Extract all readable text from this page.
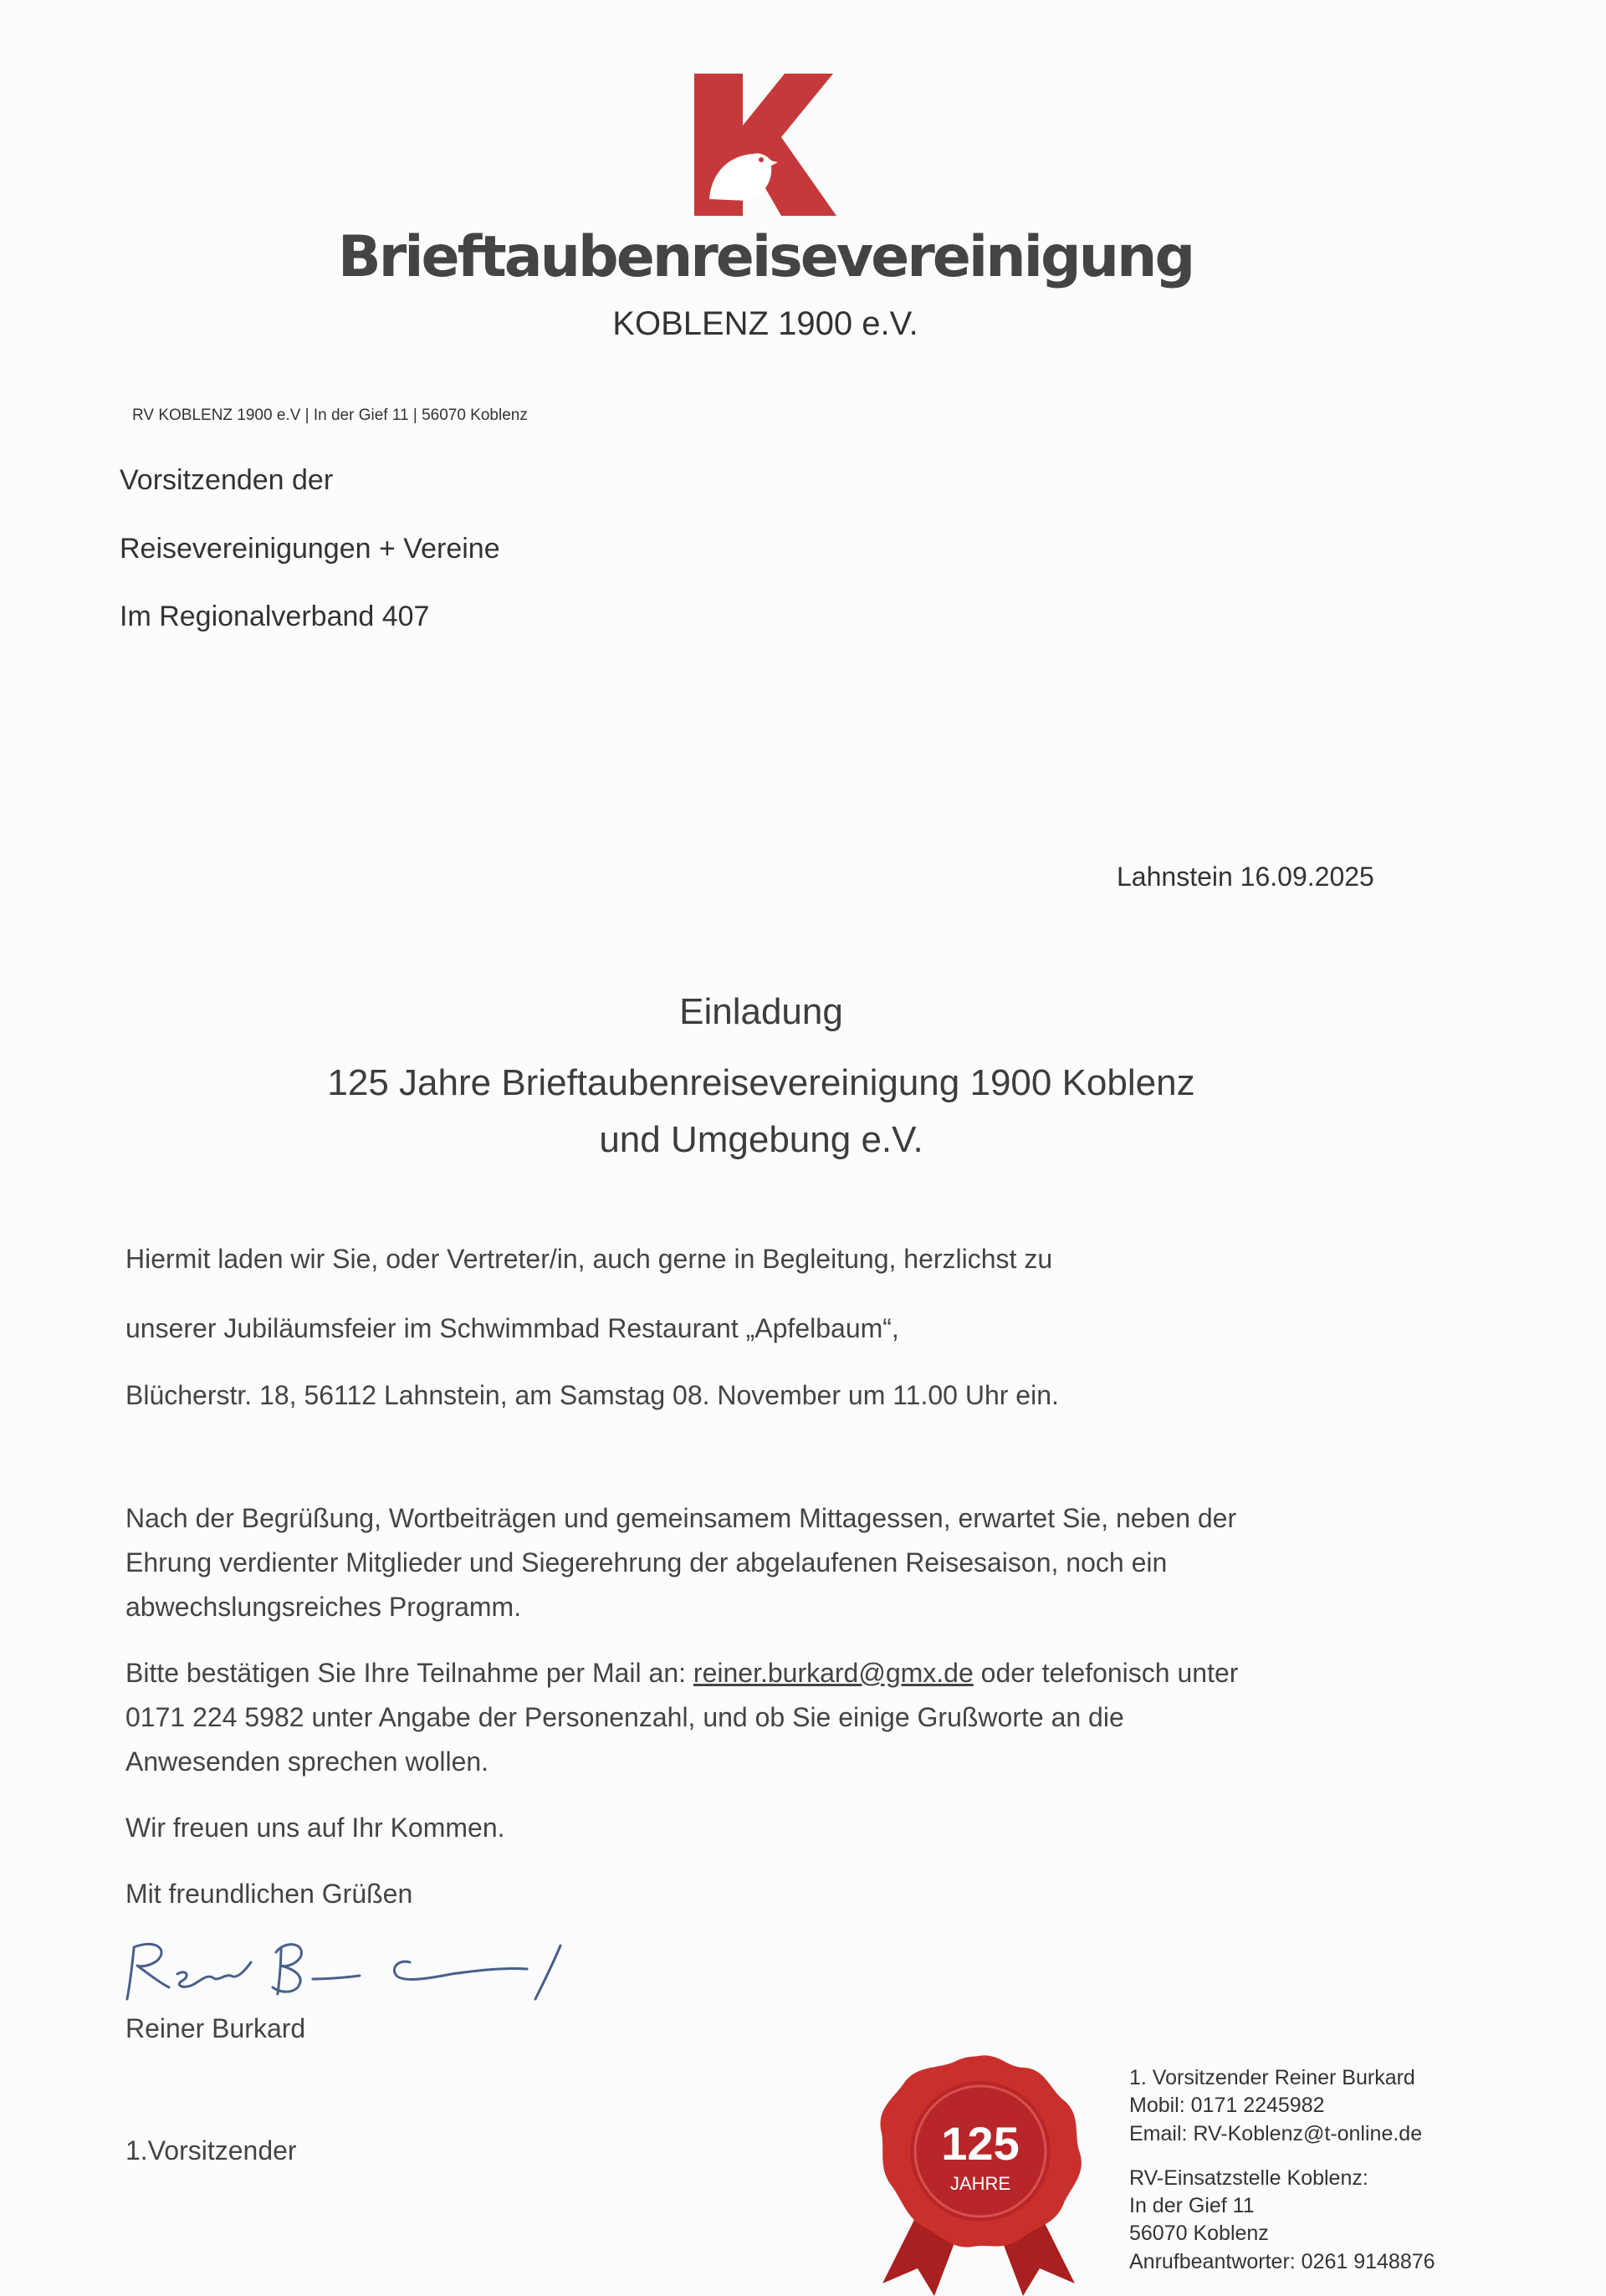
Brieftaubenreisevereinigung
KOBLENZ 1900 e.V.
RV KOBLENZ 1900 e.V | In der Gief 11 | 56070 Koblenz
Vorsitzenden der
Reisevereinigungen + Vereine
Im Regionalverband 407
Lahnstein 16.09.2025
Einladung
125 Jahre Brieftaubenreisevereinigung 1900 Koblenz
und Umgebung e.V.
Hiermit laden wir Sie, oder Vertreter/in, auch gerne in Begleitung, herzlichst zu
unserer Jubiläumsfeier im Schwimmbad Restaurant „Apfelbaum“,
Blücherstr. 18, 56112 Lahnstein, am Samstag 08. November um 11.00 Uhr ein.
Nach der Begrüßung, Wortbeiträgen und gemeinsamem Mittagessen, erwartet Sie, neben der
Ehrung verdienter Mitglieder und Siegerehrung der abgelaufenen Reisesaison, noch ein
abwechslungsreiches Programm.
Bitte bestätigen Sie Ihre Teilnahme per Mail an: reiner.burkard@gmx.de oder telefonisch unter
0171 224 5982 unter Angabe der Personenzahl, und ob Sie einige Grußworte an die
Anwesenden sprechen wollen.
Wir freuen uns auf Ihr Kommen.
Mit freundlichen Grüßen
Reiner Burkard
1.Vorsitzender	125
JAHRE
1. Vorsitzender Reiner Burkard
Mobil: 0171 2245982
Email: RV-Koblenz@t-online.de
RV-Einsatzstelle Koblenz:
In der Gief 11
56070 Koblenz
Anrufbeantworter: 0261 9148876
